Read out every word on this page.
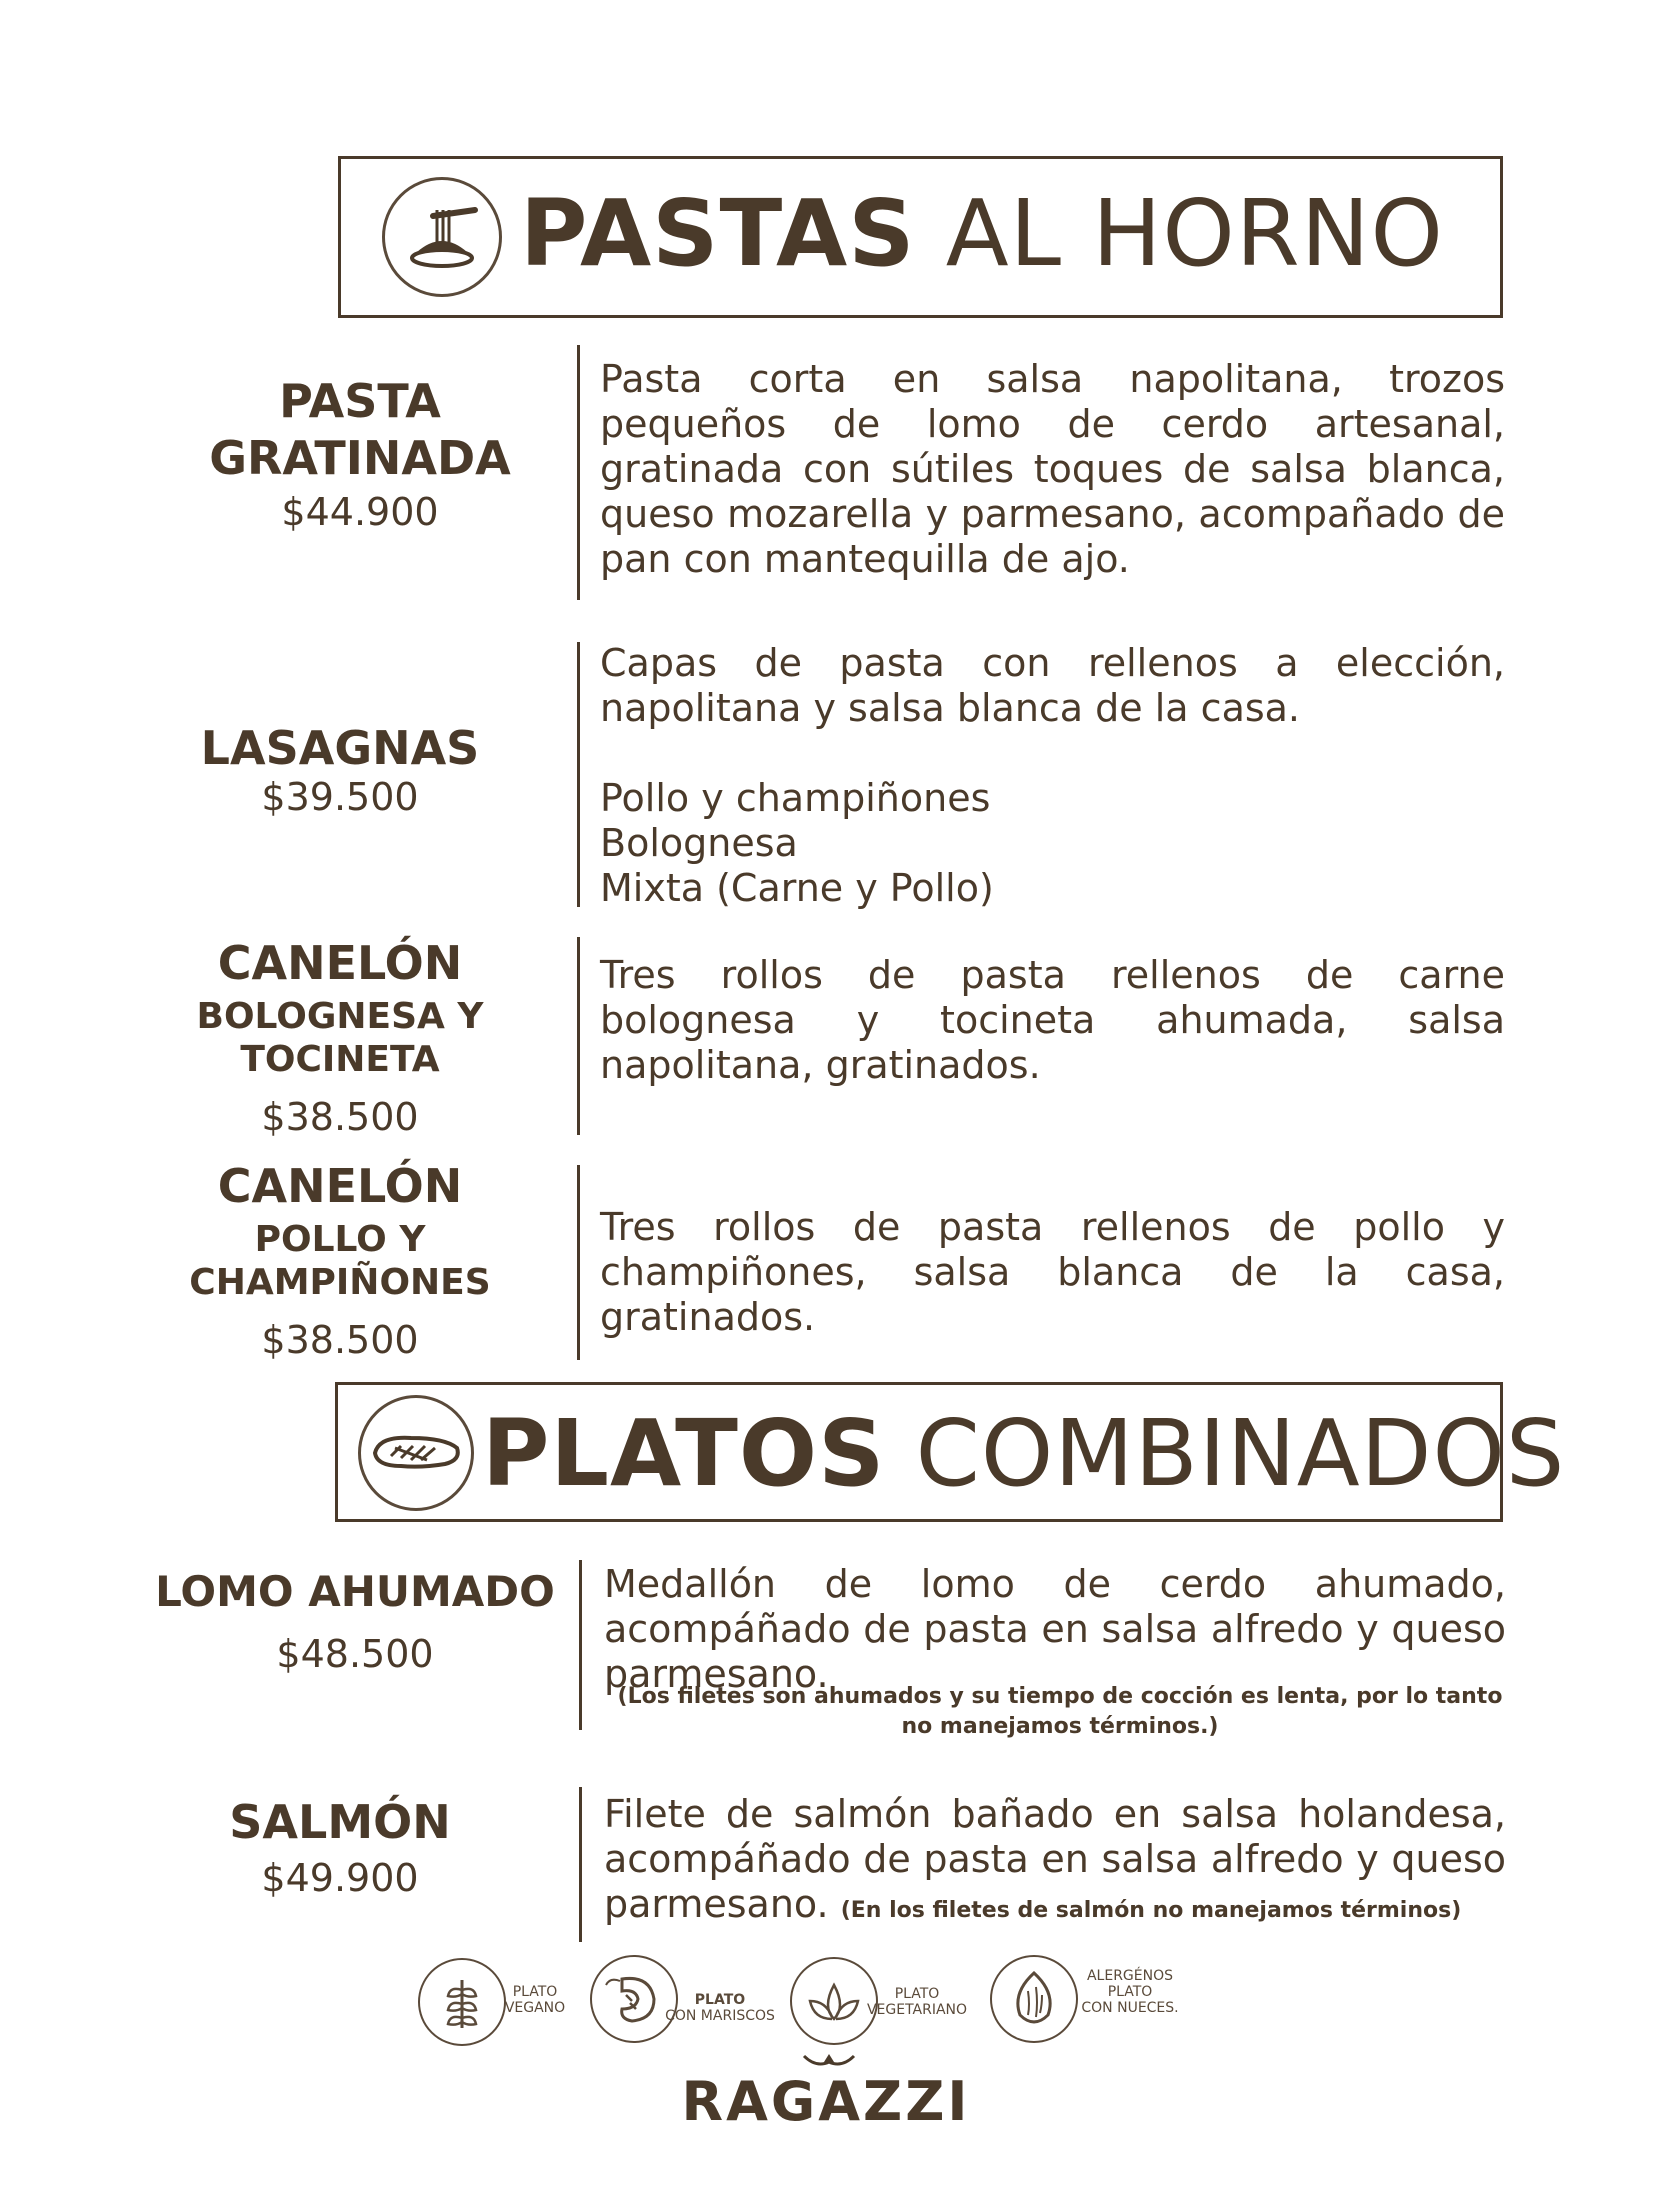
PASTAS AL HORNO
PASTA
GRATINADA
$44.900

Pasta corta en salsa napolitana, trozos pequeños de lomo de cerdo artesanal, gratinada con sútiles toques de salsa blanca, queso mozarella y parmesano, acompañado de pan con mantequilla de ajo.

LASAGNAS
$39.500

Capas de pasta con rellenos a elección, napolitana y salsa blanca de la casa.

Pollo y champiñones

Bolognesa

Mixta (Carne y Pollo)

CANELÓN
BOLOGNESA Y
TOCINETA
$38.500

Tres rollos de pasta rellenos de carne bolognesa y tocineta ahumada, salsa napolitana, gratinados.

CANELÓN
POLLO Y
CHAMPIÑONES
$38.500

Tres rollos de pasta rellenos de pollo y champiñones, salsa blanca de la casa, gratinados.

PLATOS COMBINADOS
LOMO AHUMADO
$48.500

Medallón de lomo de cerdo ahumado, acompáñado de pasta en salsa alfredo y queso parmesano.

(Los filetes son ahumados y su tiempo de cocción es lenta, por lo tanto no manejamos términos.)
SALMÓN
$49.900
Filete de salmón bañado en salsa holandesa, acompáñado de pasta en salsa alfredo y queso parmesano. (En los filetes de salmón no manejamos términos)
PLATO
VEGANO	PLATO
CON MARISCOS
PLATO
VEGETARIANO
ALERGÉNOS
PLATO
CON NUECES.
RAGAZZI
